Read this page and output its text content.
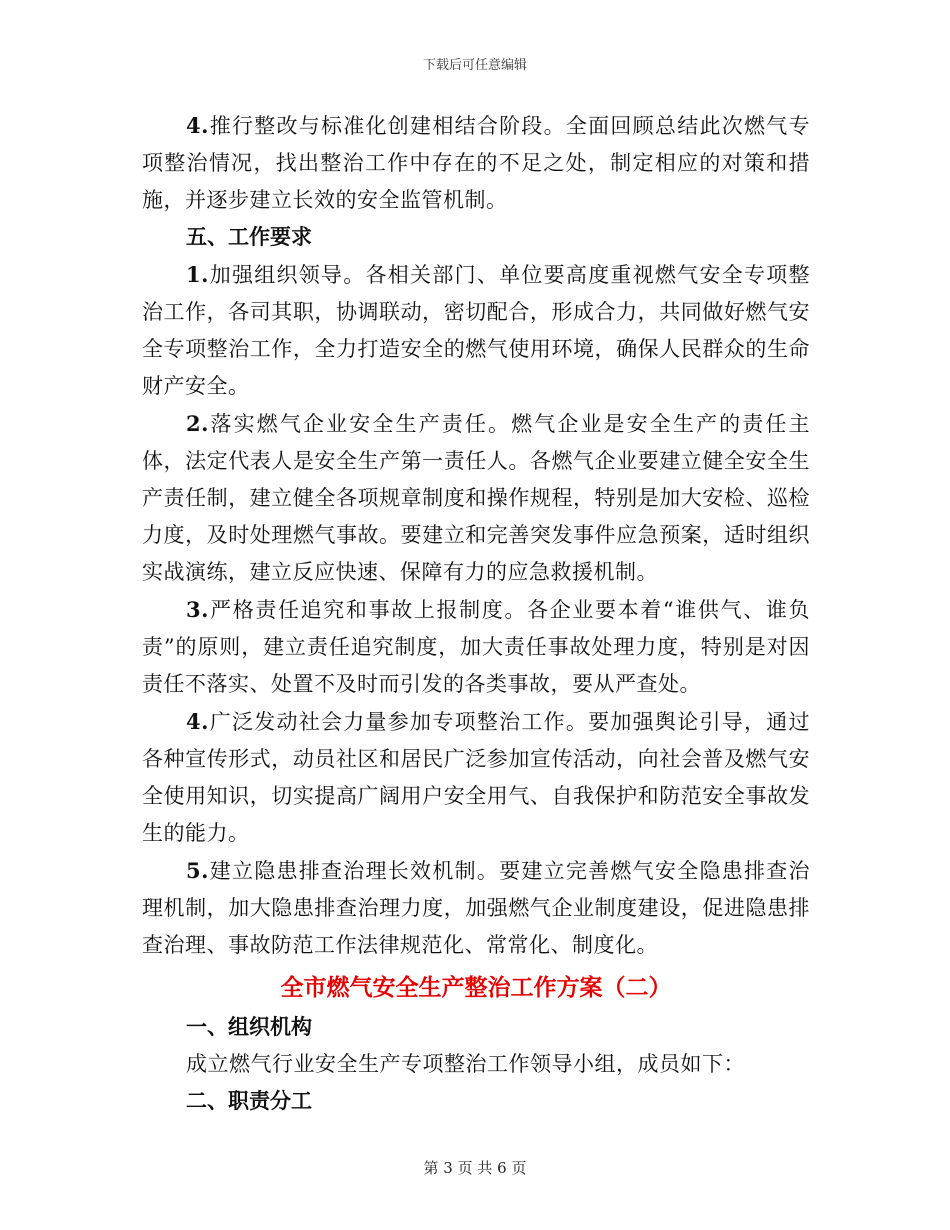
下载后可任意编辑

4.推行整改与标准化创建相结合阶段。全面回顾总结此次燃气专项整治情况，找出整治工作中存在的不足之处，制定相应的对策和措施，并逐步建立长效的安全监管机制。

五、工作要求

1.加强组织领导。各相关部门、单位要高度重视燃气安全专项整治工作，各司其职，协调联动，密切配合，形成合力，共同做好燃气安全专项整治工作，全力打造安全的燃气使用环境，确保人民群众的生命财产安全。

2.落实燃气企业安全生产责任。燃气企业是安全生产的责任主体，法定代表人是安全生产第一责任人。各燃气企业要建立健全安全生产责任制，建立健全各项规章制度和操作规程，特别是加大安检、巡检力度，及时处理燃气事故。要建立和完善突发事件应急预案，适时组织实战演练，建立反应快速、保障有力的应急救援机制。

3.严格责任追究和事故上报制度。各企业要本着“谁供气、谁负责”的原则，建立责任追究制度，加大责任事故处理力度，特别是对因责任不落实、处置不及时而引发的各类事故，要从严查处。

4.广泛发动社会力量参加专项整治工作。要加强舆论引导，通过各种宣传形式，动员社区和居民广泛参加宣传活动，向社会普及燃气安全使用知识，切实提高广阔用户安全用气、自我保护和防范安全事故发生的能力。

5.建立隐患排查治理长效机制。要建立完善燃气安全隐患排查治理机制，加大隐患排查治理力度，加强燃气企业制度建设，促进隐患排查治理、事故防范工作法律规范化、常常化、制度化。

全市燃气安全生产整治工作方案（二）

一、组织机构

成立燃气行业安全生产专项整治工作领导小组，成员如下：

二、职责分工

第 3 页 共 6 页
